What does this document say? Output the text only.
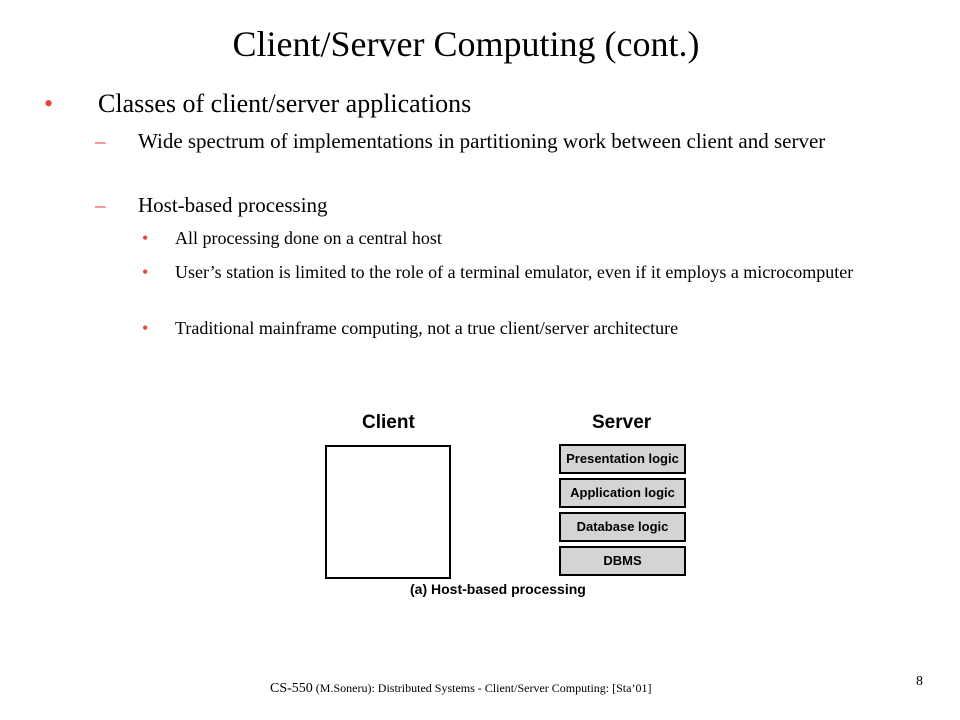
Client/Server Computing (cont.)
• Classes of client/server applications
– Wide spectrum of implementations in partitioning work between client and server
– Host-based processing
• All processing done on a central host
• User’s station is limited to the role of a terminal emulator, even if it employs a microcomputer
• Traditional mainframe computing, not a true client/server architecture
Client	Server
Presentation logic
Application logic
Database logic
DBMS
(a) Host-based processing
CS-550 (M.Soneru): Distributed Systems - Client/Server Computing: [Sta’01]	8
